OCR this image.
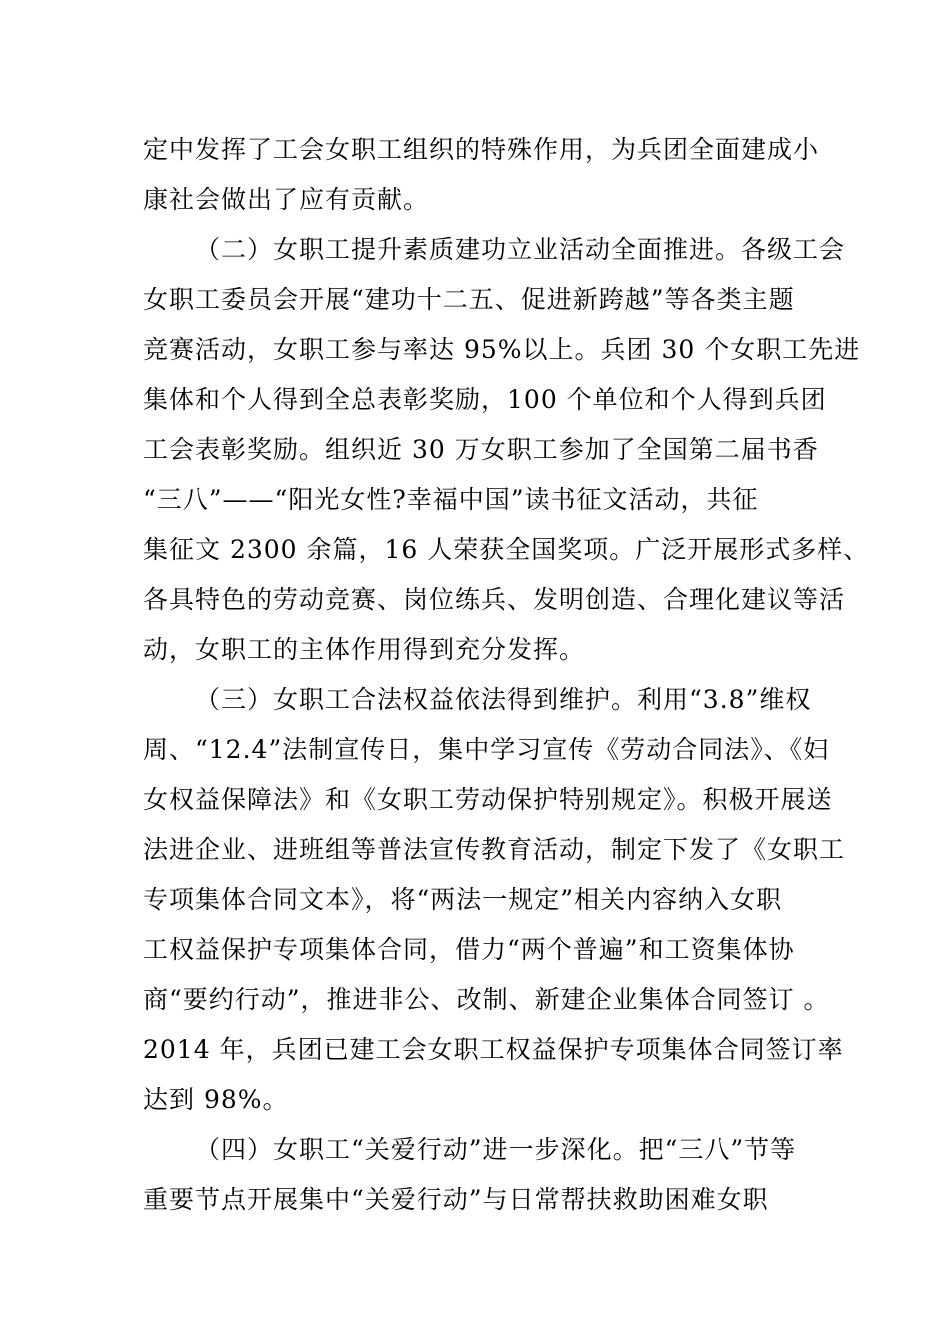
定中发挥了工会女职工组织的特殊作用，为兵团全面建成小
康社会做出了应有贡献。
（二）女职工提升素质建功立业活动全面推进。各级工会
女职工委员会开展“建功十二五、促进新跨越”等各类主题
竞赛活动，女职工参与率达 95%以上。兵团 30 个女职工先进
集体和个人得到全总表彰奖励，100 个单位和个人得到兵团
工会表彰奖励。组织近 30 万女职工参加了全国第二届书香
“三八”——“阳光女性?幸福中国”读书征文活动，共征
集征文 2300 余篇，16 人荣获全国奖项。广泛开展形式多样、
各具特色的劳动竞赛、岗位练兵、发明创造、合理化建议等活
动，女职工的主体作用得到充分发挥。
（三）女职工合法权益依法得到维护。利用“3.8”维权
周、“12.4”法制宣传日，集中学习宣传《劳动合同法》、《妇
女权益保障法》和《女职工劳动保护特别规定》。积极开展送
法进企业、进班组等普法宣传教育活动，制定下发了《女职工
专项集体合同文本》，将“两法一规定”相关内容纳入女职
工权益保护专项集体合同，借力“两个普遍”和工资集体协
商“要约行动”，推进非公、改制、新建企业集体合同签订 。
2014 年，兵团已建工会女职工权益保护专项集体合同签订率
达到 98%。
（四）女职工“关爱行动”进一步深化。把“三八”节等
重要节点开展集中“关爱行动”与日常帮扶救助困难女职
